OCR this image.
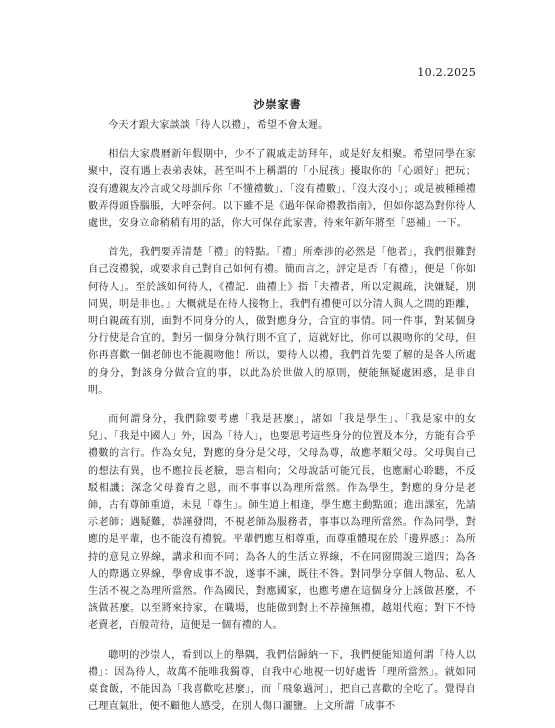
10.2.2025
沙崇家書

今天才跟大家談談「待人以禮」，希望不會太遲。

相信大家農曆新年假期中，少不了親戚走訪拜年，或是好友相聚。希望同學在家聚中，沒有遇上表弟表妹，甚至叫不上稱謂的「小屁孩」擾取你的「心頭好」把玩；沒有遭親友冷言或父母訓斥你「不懂禮數」、「沒有禮數」、「沒大沒小」；或是被種種禮數弄得頭昏腦脹，大呼奈何。以下雖不是《過年保命禮教指南》，但如你認為對你待人處世，安身立命稍稍有用的話，你大可保存此家書，待來年新年將至「惡補」一下。

首先，我們要弄清楚「禮」的特點。「禮」所牽涉的必然是「他者」，我們很難對自己沒禮貌，或要求自己對自己如何有禮。簡而言之，評定是否「有禮」，便是「你如何待人」。至於該如何待人，《禮記．曲禮上》指「夫禮者，所以定親疏，決嫌疑，別同異，明是非也。」大概就是在待人接物上，我們有禮便可以分清人與人之間的距離，明白親疏有別，面對不同身分的人，做對應身分，合宜的事情。同一件事，對某個身分行使是合宜的，對另一個身分執行則不宜了，這就好比，你可以親吻你的父母，但你再喜歡一個老師也不能親吻他！所以，要待人以禮，我們首先要了解的是各人所處的身分，對該身分做合宜的事，以此為於世做人的原則，便能無疑處困惑，是非自明。

而何謂身分，我們除要考慮「我是甚麼」，諸如「我是學生」、「我是家中的女兒」、「我是中國人」外，因為「待人」，也要思考這些身分的位置及本分，方能有合乎禮數的言行。作為女兒，對應的身分是父母，父母為尊，故應孝順父母。父母與自己的想法有異，也不應拉長老臉，惡言相向；父母說話可能冗長，也應耐心聆聽，不反駁相譏；深念父母養育之恩，而不事事以為理所當然。作為學生，對應的身分是老師，古有尊師重道，未見「尊生」。師生道上相逢，學生應主動點頭；進出課室，先請示老師；遇疑難，恭謹發問，不視老師為服務者，事事以為理所當然。作為同學，對應的是平輩，也不能沒有禮貌。平輩們應互相尊重，而尊重體現在於「邊界感」：為所持的意見立界線，講求和而不同；為各人的生活立界線，不在同窗間說三道四；為各人的際遇立界線，學會成事不說，遂事不諫，既往不咎。對同學分享個人物品、私人生活不視之為理所當然。作為國民，對應國家，也應考慮在這個身分上該做甚麼，不該做甚麼。以至將來持家，在職場，也能做到對上不荐撞無禮，越俎代庖；對下不恃老賣老，百般苛待，這便是一個有禮的人。

聰明的沙崇人，看到以上的舉隅，我們信歸納一下，我們便能知道何謂「待人以禮」：因為待人，故萬不能唯我獨尊，自我中心地視一切好處皆「理所當然」。就如同桌食飯，不能因為「我喜歡吃甚麼」，而「飛象過河」，把自己喜歡的全吃了。覺得自己理直氣壯，便不顧他人感受，在別人傷口灑鹽。上文所謂「成事不
